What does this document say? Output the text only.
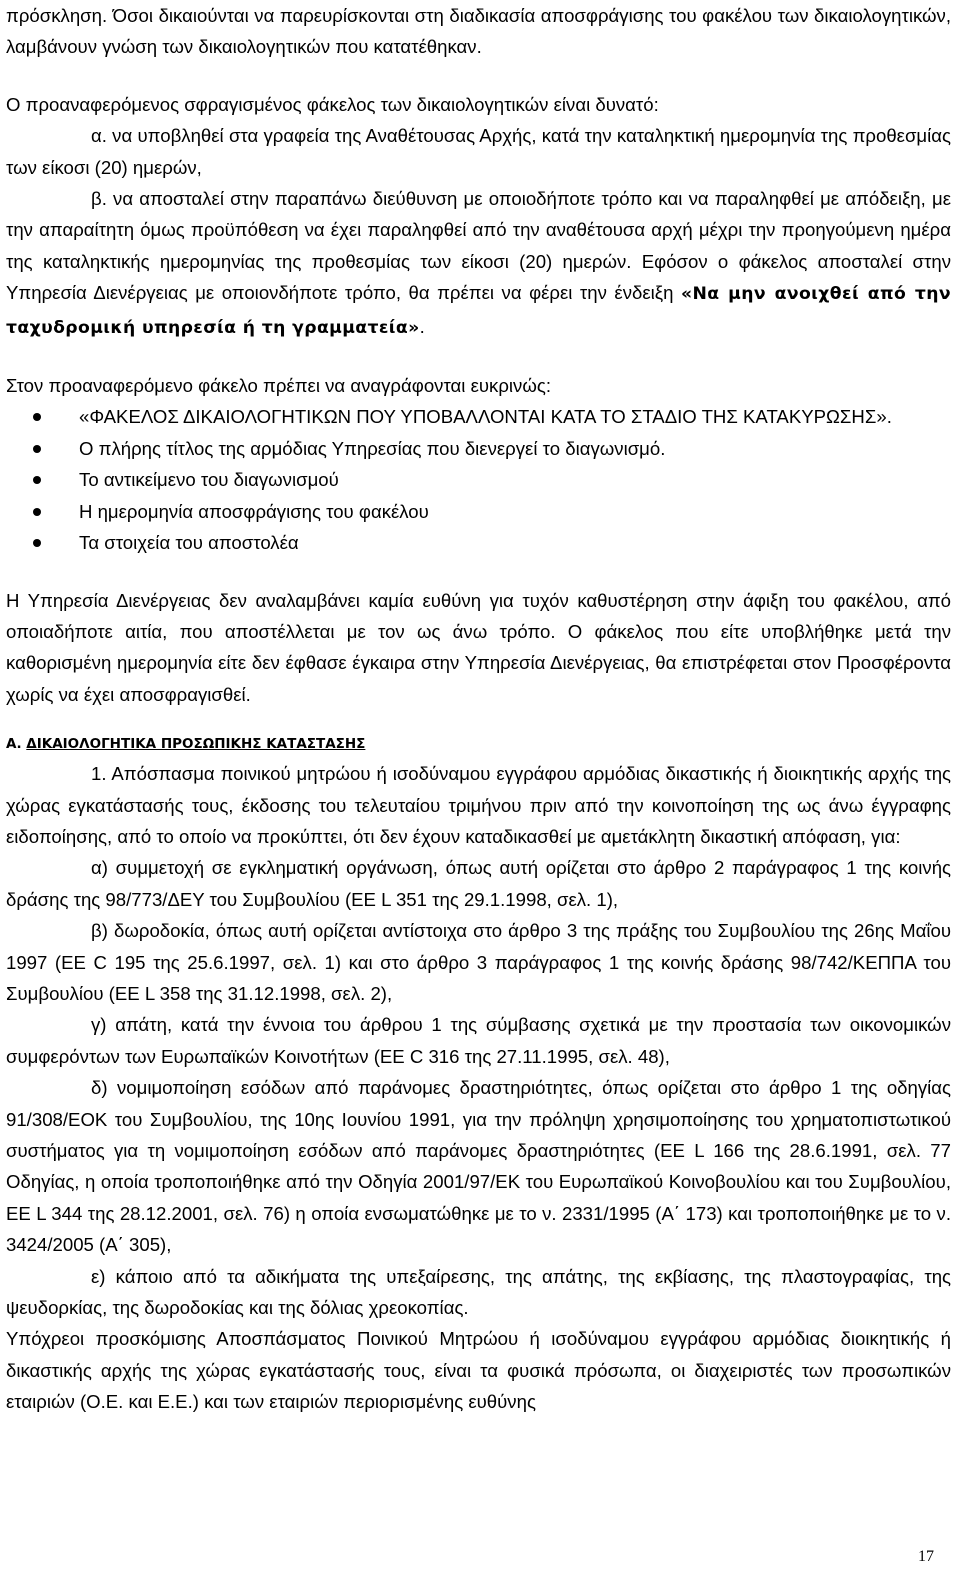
πρόσκληση. Όσοι δικαιούνται να παρευρίσκονται στη διαδικασία αποσφράγισης του φακέλου των δικαιολογητικών, λαμβάνουν γνώση των δικαιολογητικών που κατατέθηκαν.

Ο προαναφερόμενος σφραγισμένος φάκελος των δικαιολογητικών είναι δυνατό:

α. να υποβληθεί στα γραφεία της Αναθέτουσας Αρχής, κατά την καταληκτική ημερομηνία της προθεσμίας των είκοσι (20) ημερών,

β. να αποσταλεί στην παραπάνω διεύθυνση με οποιοδήποτε τρόπο και να παραληφθεί με απόδειξη, με την απαραίτητη όμως προϋπόθεση να έχει παραληφθεί από την αναθέτουσα αρχή μέχρι την προηγούμενη ημέρα της καταληκτικής ημερομηνίας της προθεσμίας των είκοσι (20) ημερών. Εφόσον ο φάκελος αποσταλεί στην Υπηρεσία Διενέργειας με οποιονδήποτε τρόπο, θα πρέπει να φέρει την ένδειξη «Να μην ανοιχθεί από την ταχυδρομική υπηρεσία ή τη γραμματεία».

Στον προαναφερόμενο φάκελο πρέπει να αναγράφονται ευκρινώς:

«ΦΑΚΕΛΟΣ ΔΙΚΑΙΟΛΟΓΗΤΙΚΩΝ ΠΟΥ ΥΠΟΒΑΛΛΟΝΤΑΙ ΚΑΤΑ ΤΟ ΣΤΑΔΙΟ ΤΗΣ ΚΑΤΑΚΥΡΩΣΗΣ».
Ο πλήρης τίτλος της αρμόδιας Υπηρεσίας που διενεργεί το διαγωνισμό.
Το αντικείμενο του διαγωνισμού
Η ημερομηνία αποσφράγισης του φακέλου
Τα στοιχεία του αποστολέα

Η Υπηρεσία Διενέργειας δεν αναλαμβάνει καμία ευθύνη για τυχόν καθυστέρηση στην άφιξη του φακέλου, από οποιαδήποτε αιτία, που αποστέλλεται με τον ως άνω τρόπο. Ο φάκελος που είτε υποβλήθηκε μετά την καθορισμένη ημερομηνία είτε δεν έφθασε έγκαιρα στην Υπηρεσία Διενέργειας, θα επιστρέφεται στον Προσφέροντα χωρίς να έχει αποσφραγισθεί.

Α. ΔΙΚΑΙΟΛΟΓΗΤΙΚΑ ΠΡΟΣΩΠΙΚΗΣ ΚΑΤΑΣΤΑΣΗΣ

1. Απόσπασμα ποινικού μητρώου ή ισοδύναμου εγγράφου αρμόδιας δικαστικής ή διοικητικής αρχής της χώρας εγκατάστασής τους, έκδοσης του τελευταίου τριμήνου πριν από την κοινοποίηση της ως άνω έγγραφης ειδοποίησης, από το οποίο να προκύπτει, ότι δεν έχουν καταδικασθεί με αμετάκλητη δικαστική απόφαση, για:

α) συμμετοχή σε εγκληματική οργάνωση, όπως αυτή ορίζεται στο άρθρο 2 παράγραφος 1 της κοινής δράσης της 98/773/ΔΕΥ του Συμβουλίου (ΕΕ L 351 της 29.1.1998, σελ. 1),

β) δωροδοκία, όπως αυτή ορίζεται αντίστοιχα στο άρθρο 3 της πράξης του Συμβουλίου της 26ης Μαΐου 1997 (ΕΕ C 195 της 25.6.1997, σελ. 1) και στο άρθρο 3 παράγραφος 1 της κοινής δράσης 98/742/ΚΕΠΠΑ του Συμβουλίου (ΕΕ L 358 της 31.12.1998, σελ. 2),

γ) απάτη, κατά την έννοια του άρθρου 1 της σύμβασης σχετικά με την προστασία των οικονομικών συμφερόντων των Ευρωπαϊκών Κοινοτήτων (ΕΕ C 316 της 27.11.1995, σελ. 48),

δ) νομιμοποίηση εσόδων από παράνομες δραστηριότητες, όπως ορίζεται στο άρθρο 1 της οδηγίας 91/308/ΕΟΚ του Συμβουλίου, της 10ης Ιουνίου 1991, για την πρόληψη χρησιμοποίησης του χρηματοπιστωτικού συστήματος για τη νομιμοποίηση εσόδων από παράνομες δραστηριότητες (ΕΕ L 166 της 28.6.1991, σελ. 77 Οδηγίας, η οποία τροποποιήθηκε από την Οδηγία 2001/97/ΕΚ του Ευρωπαϊκού Κοινοβουλίου και του Συμβουλίου, ΕΕ L 344 της 28.12.2001, σελ. 76) η οποία ενσωματώθηκε με το ν. 2331/1995 (Α΄ 173) και τροποποιήθηκε με το ν. 3424/2005 (Α΄ 305),

ε) κάποιο από τα αδικήματα της υπεξαίρεσης, της απάτης, της εκβίασης, της πλαστογραφίας, της ψευδορκίας, της δωροδοκίας και της δόλιας χρεοκοπίας.

Υπόχρεοι προσκόμισης Αποσπάσματος Ποινικού Μητρώου ή ισοδύναμου εγγράφου αρμόδιας διοικητικής ή δικαστικής αρχής της χώρας εγκατάστασής τους, είναι τα φυσικά πρόσωπα, οι διαχειριστές των προσωπικών εταιριών (Ο.Ε. και Ε.Ε.) και των εταιριών περιορισμένης ευθύνης

17
